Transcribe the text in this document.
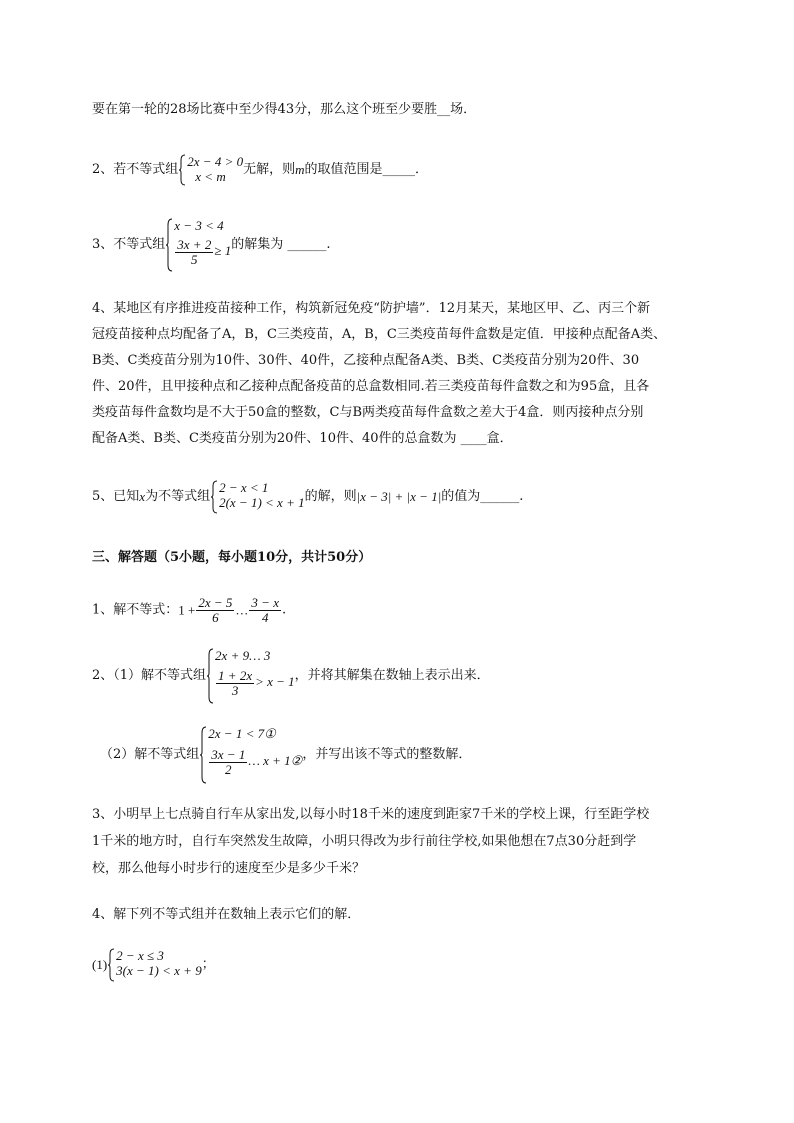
要在第一轮的28场比赛中至少得43分，那么这个班至少要胜__场．
2、若不等式组
2x − 4 > 0
x < m	无解，则m的取值范围是_____．
3、不等式组
x − 3 < 4
$\frac{3x + 2}{5} \ge 1$ 的解集为 ______.
4、某地区有序推进疫苗接种工作，构筑新冠免疫“防护墙”．12月某天，某地区甲、乙、丙三个新
冠疫苗接种点均配备了A，B，C三类疫苗，A，B，C三类疫苗每件盒数是定值．甲接种点配备A类、
B类、C类疫苗分别为10件、30件、40件，乙接种点配备A类、B类、C类疫苗分别为20件、30
件、20件，且甲接种点和乙接种点配备疫苗的总盒数相同.若三类疫苗每件盒数之和为95盒，且各
类疫苗每件盒数均是不大于50盒的整数，C与B两类疫苗每件盒数之差大于4盒．则丙接种点分别
配备A类、B类、C类疫苗分别为20件、10件、40件的总盒数为 ____盒．
5、已知x为不等式组
2 − x < 1
2(x − 1) < x + 1 的解，则|x − 3| + |x − 1|的值为______.
三、解答题（5小题，每小题10分，共计50分）
1、解不等式：$1 + \frac{2x - 5}{6}$ … $\frac{3 - x}{4}$ .
2、（1）解不等式组
2x + 9… 3
$\frac{1 + 2x}{3} > x - 1$ ，并将其解集在数轴上表示出来．
（2）解不等式组
2x − 1 < 7①
$\frac{3x - 1}{2}$ … x + 1② ，并写出该不等式的整数解．
3、小明早上七点骑自行车从家出发,以每小时18千米的速度到距家7千米的学校上课，行至距学校
1千米的地方时，自行车突然发生故障，小明只得改为步行前往学校,如果他想在7点30分赶到学
校，那么他每小时步行的速度至少是多少千米？
4、解下列不等式组并在数轴上表示它们的解．
(1)
2 − x ≤ 3
3(x − 1) < x + 9 ；
